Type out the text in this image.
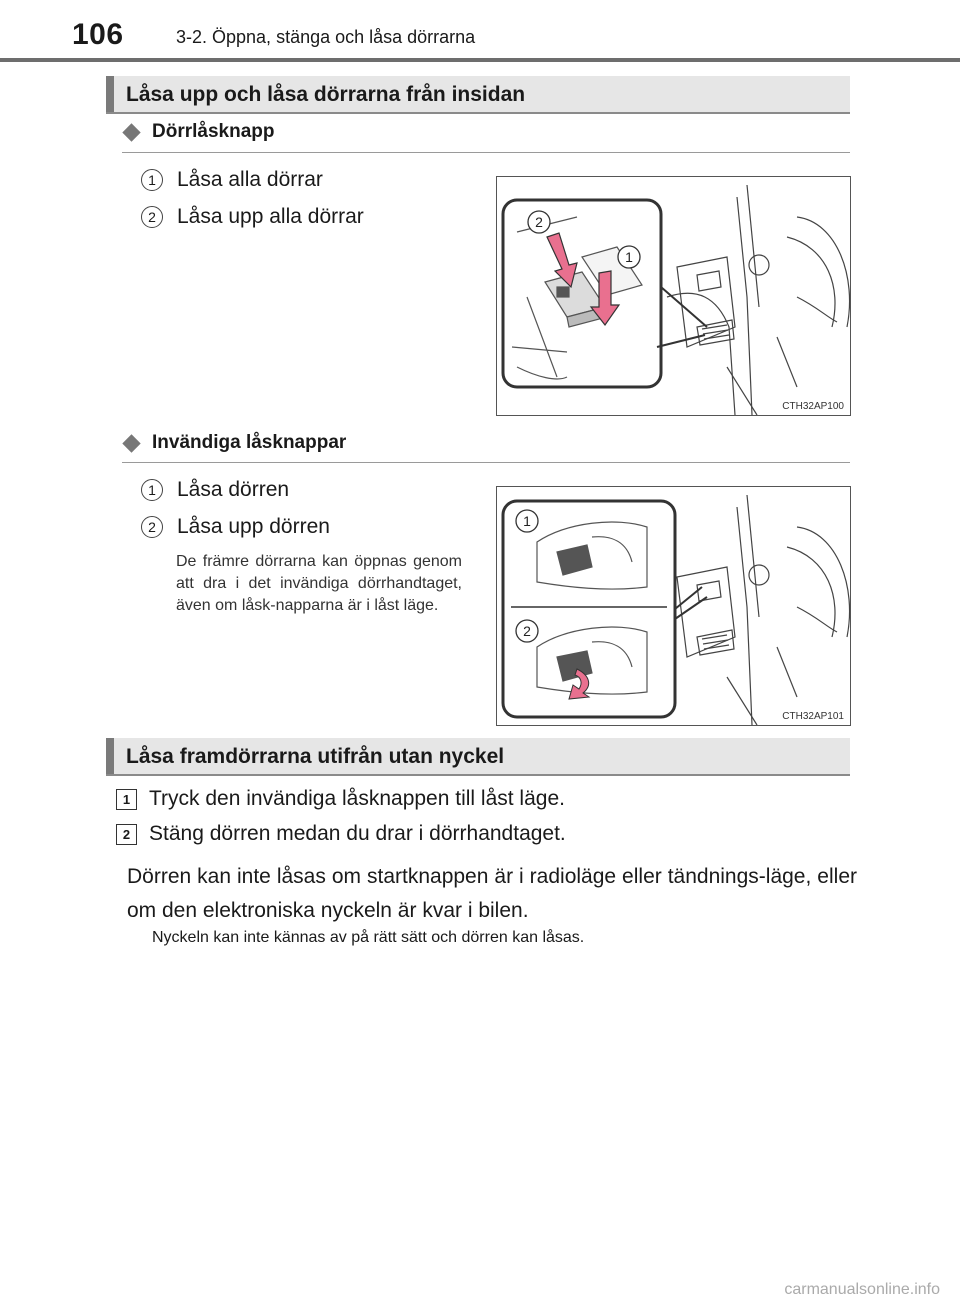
106	3-2. Öppna, stänga och låsa dörrarna
Låsa upp och låsa dörrarna från insidan
Dörrlåsknapp
1	Låsa alla dörrar
2	Låsa upp alla dörrar	2
1
CTH32AP100
Invändiga låsknappar
1	Låsa dörren
2	Låsa upp dörren
De främre dörrarna kan öppnas genom att dra i det invändiga dörrhandtaget, även om låsk-napparna är i låst läge.
1
2
CTH32AP101
Låsa framdörrarna utifrån utan nyckel
1 Tryck den invändiga låsknappen till låst läge.
2 Stäng dörren medan du drar i dörrhandtaget.
Dörren kan inte låsas om startknappen är i radioläge eller tändnings-läge, eller om den elektroniska nyckeln är kvar i bilen.
Nyckeln kan inte kännas av på rätt sätt och dörren kan låsas.
carmanualsonline.info
